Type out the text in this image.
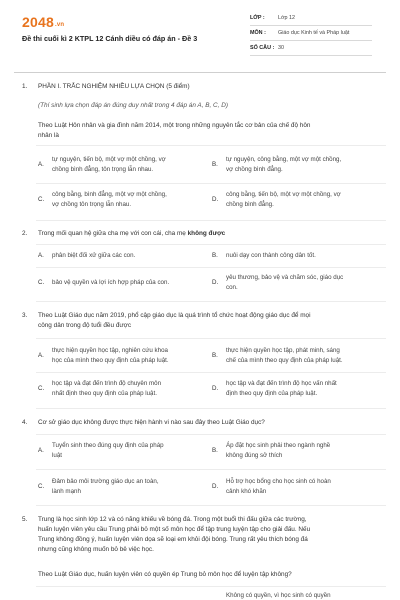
2048.vn
Đề thi cuối kì 2 KTPL 12 Cánh diều có đáp án - Đề 3
LỚP :	Lớp 12
MÔN :	Giáo dục Kinh tế và Pháp luật
SỐ CÂU : 30
1. PHẦN I. TRẮC NGHIỆM NHIỀU LỰA CHỌN (5 điểm)
(Thí sinh lựa chọn đáp án đúng duy nhất trong 4 đáp án A, B, C, D)
Theo Luật Hôn nhân và gia đình năm 2014, một trong những nguyên tắc cơ bản của chế độ hôn
nhân là
A.
tự nguyện, tiến bộ, một vợ một chồng, vợ
chồng bình đẳng, tôn trọng lẫn nhau.
B.
tự nguyện, công bằng, một vợ một chồng,
vợ chồng bình đẳng.
C.
công bằng, bình đẳng, một vợ một chồng,
vợ chồng tôn trọng lẫn nhau.
D.
công bằng, tiến bộ, một vợ một chồng, vợ
chồng bình đẳng.
2. Trong mối quan hệ giữa cha mẹ với con cái, cha mẹ không được
A. phân biệt đối xử giữa các con.	B. nuôi dạy con thành công dân tốt.
C. bảo vệ quyền và lợi ích hợp pháp của con.	D.
yêu thương, bảo vệ và chăm sóc, giáo dục
con.
3. Theo Luật Giáo dục năm 2019, phổ cập giáo dục là quá trình tổ chức hoạt động giáo dục để mọi
công dân trong độ tuổi đều được
A.
thực hiện quyền học tập, nghiên cứu khoa
học của mình theo quy định của pháp luật.
B.
thực hiện quyền học tập, phát minh, sáng
chế của mình theo quy định của pháp luật.
C.
học tập và đạt đến trình độ chuyên môn
nhất định theo quy định của pháp luật.
D.
học tập và đạt đến trình độ học vấn nhất
định theo quy định của pháp luật.
4. Cơ sở giáo dục không được thực hiện hành vi nào sau đây theo Luật Giáo dục?
A.
Tuyển sinh theo đúng quy định của pháp
luật
B.
Áp đặt học sinh phải theo ngành nghề
không đúng sở thích
C.
Đảm bảo môi trường giáo dục an toàn,
lành mạnh
D.
Hỗ trợ học bổng cho học sinh có hoàn
cảnh khó khăn
5. Trung là học sinh lớp 12 và có năng khiếu về bóng đá. Trong một buổi thi đấu giữa các trường,
huấn luyện viên yêu cầu Trung phải bỏ một số môn học để tập trung luyện tập cho giải đấu. Nếu
Trung không đồng ý, huấn luyện viên dọa sẽ loại em khỏi đội bóng. Trung rất yêu thích bóng đá
nhưng cũng không muốn bỏ bê việc học.
Theo Luật Giáo dục, huấn luyện viên có quyền ép Trung bỏ môn học để luyện tập không?
Không có quyền, vì học sinh có quyền
